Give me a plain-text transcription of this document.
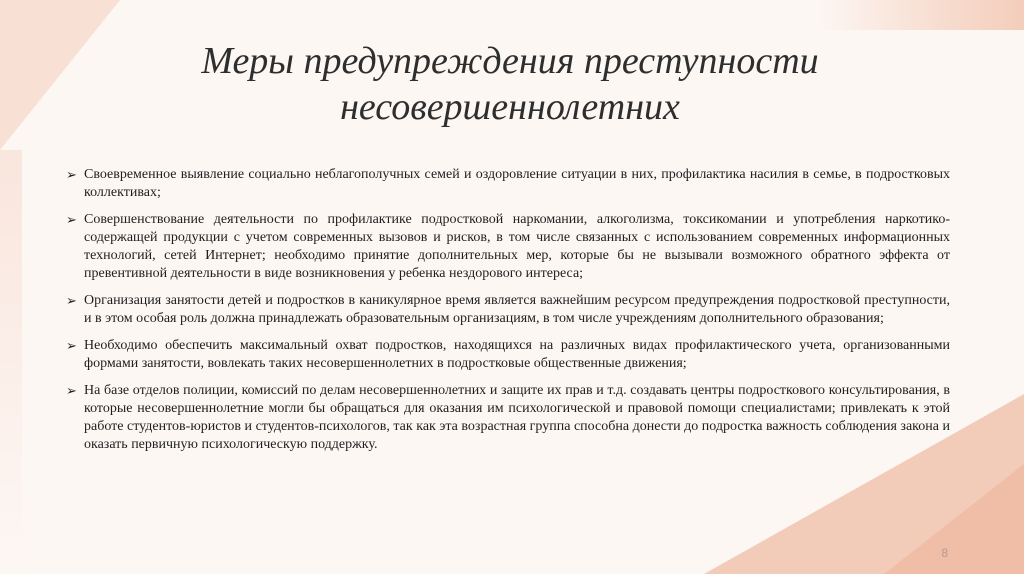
Меры предупреждения преступности
несовершеннолетних
➢ Своевременное выявление социально неблагополучных семей и оздоровление ситуации в них, профилактика насилия в семье, в подростковых коллективах;
➢ Совершенствование деятельности по профилактике подростковой наркомании, алкоголизма, токсикомании и употребления наркотико-содержащей продукции с учетом современных вызовов и рисков, в том числе связанных с использованием современных информационных технологий, сетей Интернет; необходимо принятие дополнительных мер, которые бы не вызывали возможного обратного эффекта от превентивной деятельности в виде возникновения у ребенка нездорового интереса;
➢ Организация занятости детей и подростков в каникулярное время является важнейшим ресурсом предупреждения подростковой преступности, и в этом особая роль должна принадлежать образовательным организациям, в том числе учреждениям дополнительного образования;
➢ Необходимо обеспечить максимальный охват подростков, находящихся на различных видах профилактического учета, организованными формами занятости, вовлекать таких несовершеннолетних в подростковые общественные движения;
➢ На базе отделов полиции, комиссий по делам несовершеннолетних и защите их прав и т.д. создавать центры подросткового консультирования, в которые несовершеннолетние могли бы обращаться для оказания им психологической и правовой помощи специалистами; привлекать к этой работе студентов-юристов и студентов-психологов, так как эта возрастная группа способна донести до подростка важность соблюдения закона и оказать первичную психологическую поддержку.
8
